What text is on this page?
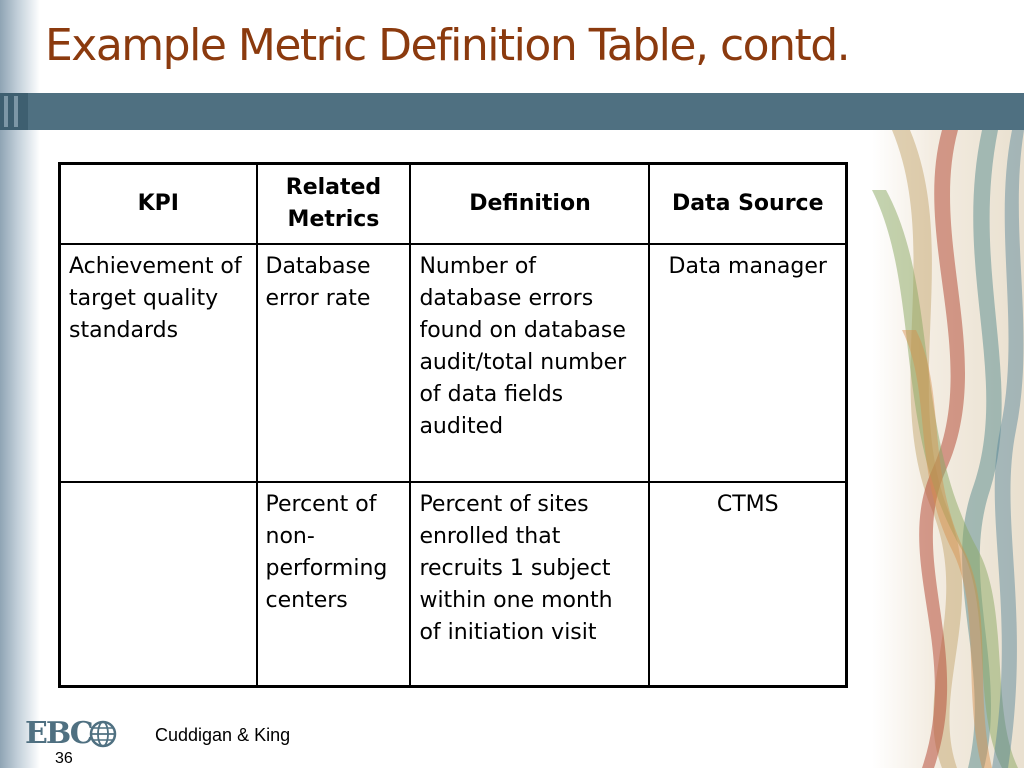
Example Metric Definition Table, contd.
KPI	Related Metrics	Definition	Data Source
Achievement of target quality standards	Database error rate	Number of database errors found on database audit/total number of data fields audited	Data manager
	Percent of non-performing centers	Percent of sites enrolled that recruits 1 subject within one month of initiation visit	CTMS
EBC	Cuddigan & King
36
